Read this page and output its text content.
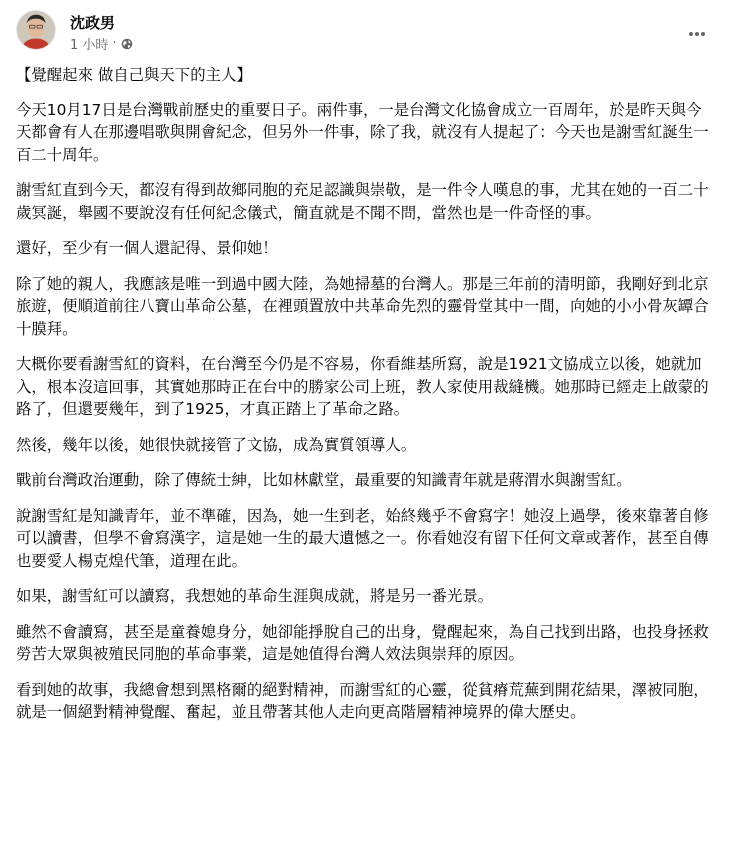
沈政男
1 小時 ·

【覺醒起來 做自己與天下的主人】

今天10月17日是台灣戰前歷史的重要日子。兩件事，一是台灣文化協會成立一百周年，於是昨天與今天都會有人在那邊唱歌與開會紀念，但另外一件事，除了我，就沒有人提起了：今天也是謝雪紅誕生一百二十周年。

謝雪紅直到今天，都沒有得到故鄉同胞的充足認識與崇敬，是一件令人嘆息的事，尤其在她的一百二十歲冥誕，舉國不要說沒有任何紀念儀式，簡直就是不聞不問，當然也是一件奇怪的事。

還好，至少有一個人還記得、景仰她！

除了她的親人，我應該是唯一到過中國大陸，為她掃墓的台灣人。那是三年前的清明節，我剛好到北京旅遊，便順道前往八寶山革命公墓，在裡頭置放中共革命先烈的靈骨堂其中一間，向她的小小骨灰罈合十膜拜。

大概你要看謝雪紅的資料，在台灣至今仍是不容易，你看維基所寫，說是1921文協成立以後，她就加入，根本沒這回事，其實她那時正在台中的勝家公司上班，教人家使用裁縫機。她那時已經走上啟蒙的路了，但還要幾年，到了1925，才真正踏上了革命之路。

然後，幾年以後，她很快就接管了文協，成為實質領導人。

戰前台灣政治運動，除了傳統士紳，比如林獻堂，最重要的知識青年就是蔣渭水與謝雪紅。

說謝雪紅是知識青年，並不準確，因為，她一生到老，始終幾乎不會寫字！她沒上過學，後來靠著自修可以讀書，但學不會寫漢字，這是她一生的最大遺憾之一。你看她沒有留下任何文章或著作，甚至自傳也要愛人楊克煌代筆，道理在此。

如果，謝雪紅可以讀寫，我想她的革命生涯與成就，將是另一番光景。

雖然不會讀寫，甚至是童養媳身分，她卻能掙脫自己的出身，覺醒起來，為自己找到出路，也投身拯救勞苦大眾與被殖民同胞的革命事業，這是她值得台灣人效法與崇拜的原因。

看到她的故事，我總會想到黑格爾的絕對精神，而謝雪紅的心靈，從貧瘠荒蕪到開花結果，澤被同胞，就是一個絕對精神覺醒、奮起，並且帶著其他人走向更高階層精神境界的偉大歷史。
